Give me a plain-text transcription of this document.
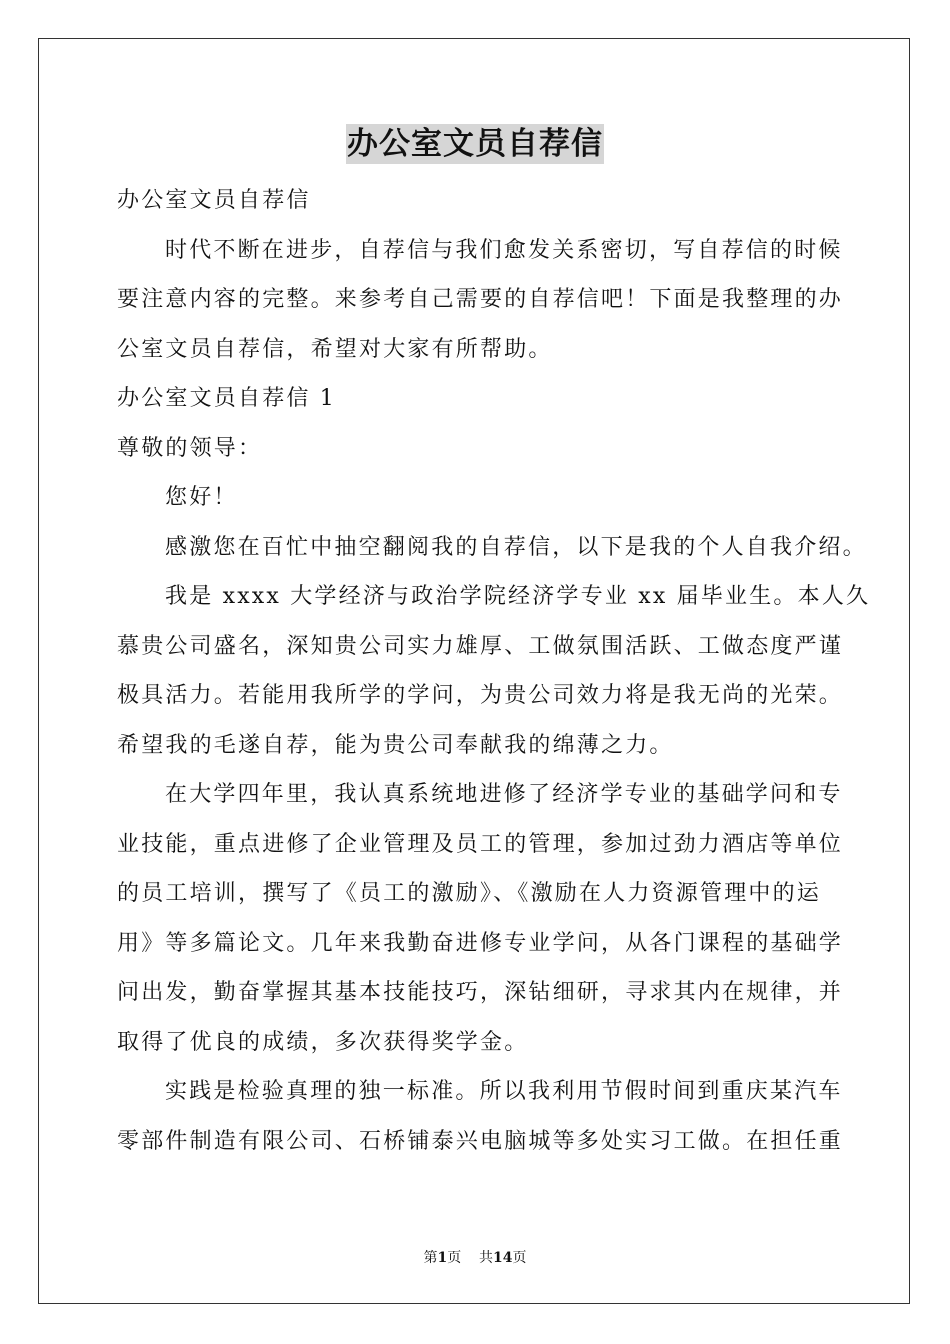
办公室文员自荐信
办公室文员自荐信
时代不断在进步，自荐信与我们愈发关系密切，写自荐信的时候
要注意内容的完整。来参考自己需要的自荐信吧！下面是我整理的办
公室文员自荐信，希望对大家有所帮助。
办公室文员自荐信 1
尊敬的领导：
您好！
感激您在百忙中抽空翻阅我的自荐信，以下是我的个人自我介绍。
我是 xxxx 大学经济与政治学院经济学专业 xx 届毕业生。本人久
慕贵公司盛名，深知贵公司实力雄厚、工做氛围活跃、工做态度严谨
极具活力。若能用我所学的学问，为贵公司效力将是我无尚的光荣。
希望我的毛遂自荐，能为贵公司奉献我的绵薄之力。
在大学四年里，我认真系统地进修了经济学专业的基础学问和专
业技能，重点进修了企业管理及员工的管理，参加过劲力酒店等单位
的员工培训，撰写了《员工的激励》、《激励在人力资源管理中的运
用》等多篇论文。几年来我勤奋进修专业学问，从各门课程的基础学
问出发，勤奋掌握其基本技能技巧，深钻细研，寻求其内在规律，并
取得了优良的成绩，多次获得奖学金。
实践是检验真理的独一标准。所以我利用节假时间到重庆某汽车
零部件制造有限公司、石桥铺泰兴电脑城等多处实习工做。在担任重
第1页 共14页
